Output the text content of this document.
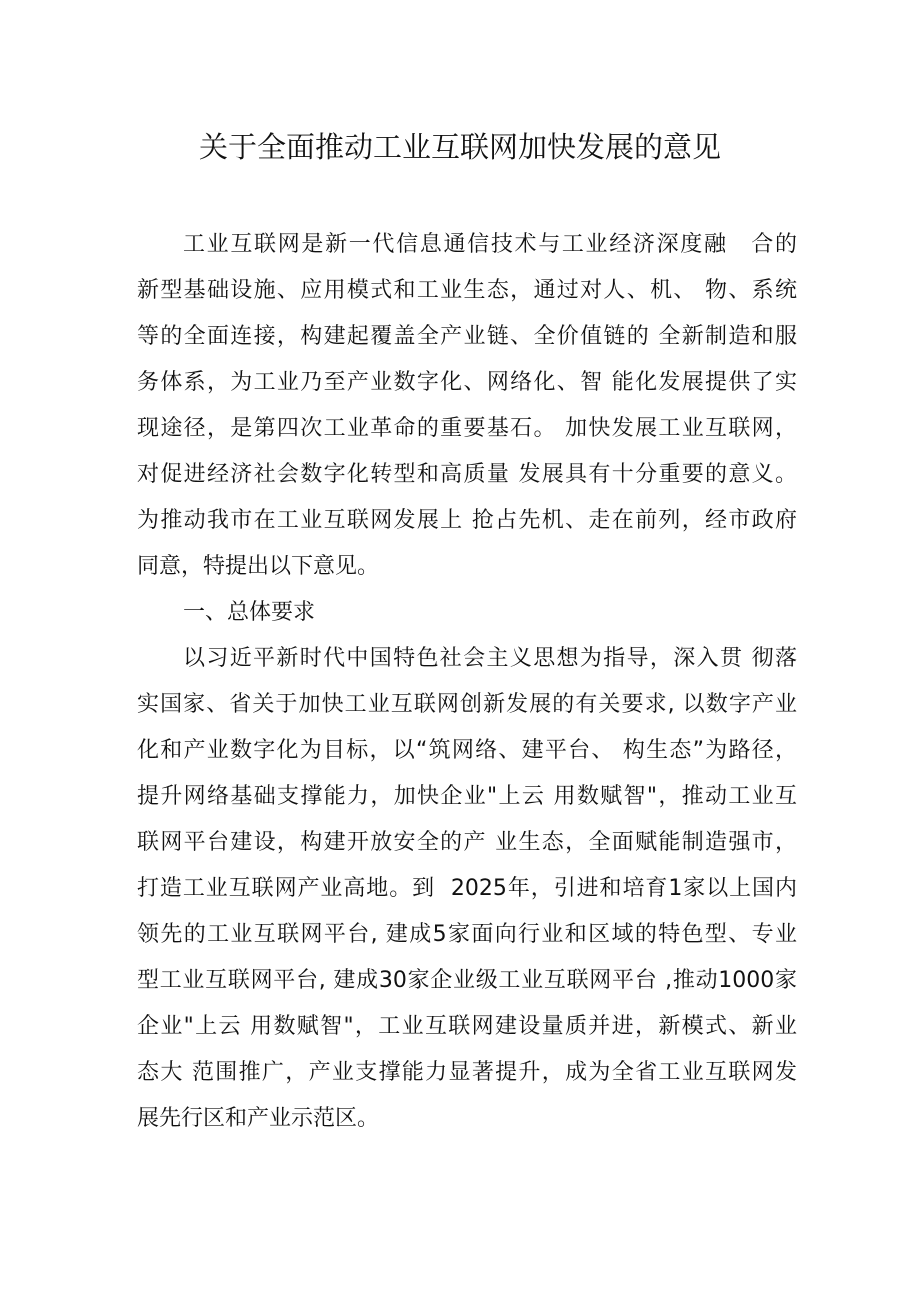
关于全面推动工业互联网加快发展的意见
工业互联网是新一代信息通信技术与工业经济深度融　合的
新型基础设施、应用模式和工业生态，通过对人、机、 物、系统
等的全面连接，构建起覆盖全产业链、全价值链的 全新制造和服
务体系，为工业乃至产业数字化、网络化、智 能化发展提供了实
现途径，是第四次工业革命的重要基石。 加快发展工业互联网，
对促进经济社会数字化转型和高质量 发展具有十分重要的意义。
为推动我市在工业互联网发展上 抢占先机、走在前列，经市政府
同意，特提出以下意见。
一、总体要求
以习近平新时代中国特色社会主义思想为指导，深入贯 彻落
实国家、省关于加快工业互联网创新发展的有关要求, 以数字产业
化和产业数字化为目标，以“筑网络、建平台、 构生态”为路径，
提升网络基础支撑能力，加快企业"上云 用数赋智"，推动工业互
联网平台建设，构建开放安全的产 业生态，全面赋能制造强市，
打造工业互联网产业高地。到  2025年，引进和培育1家以上国内
领先的工业互联网平台, 建成5家面向行业和区域的特色型、专业
型工业互联网平台, 建成30家企业级工业互联网平台 ,推动1000家
企业"上云 用数赋智"，工业互联网建设量质并进，新模式、新业
态大 范围推广，产业支撑能力显著提升，成为全省工业互联网发
展先行区和产业示范区。
